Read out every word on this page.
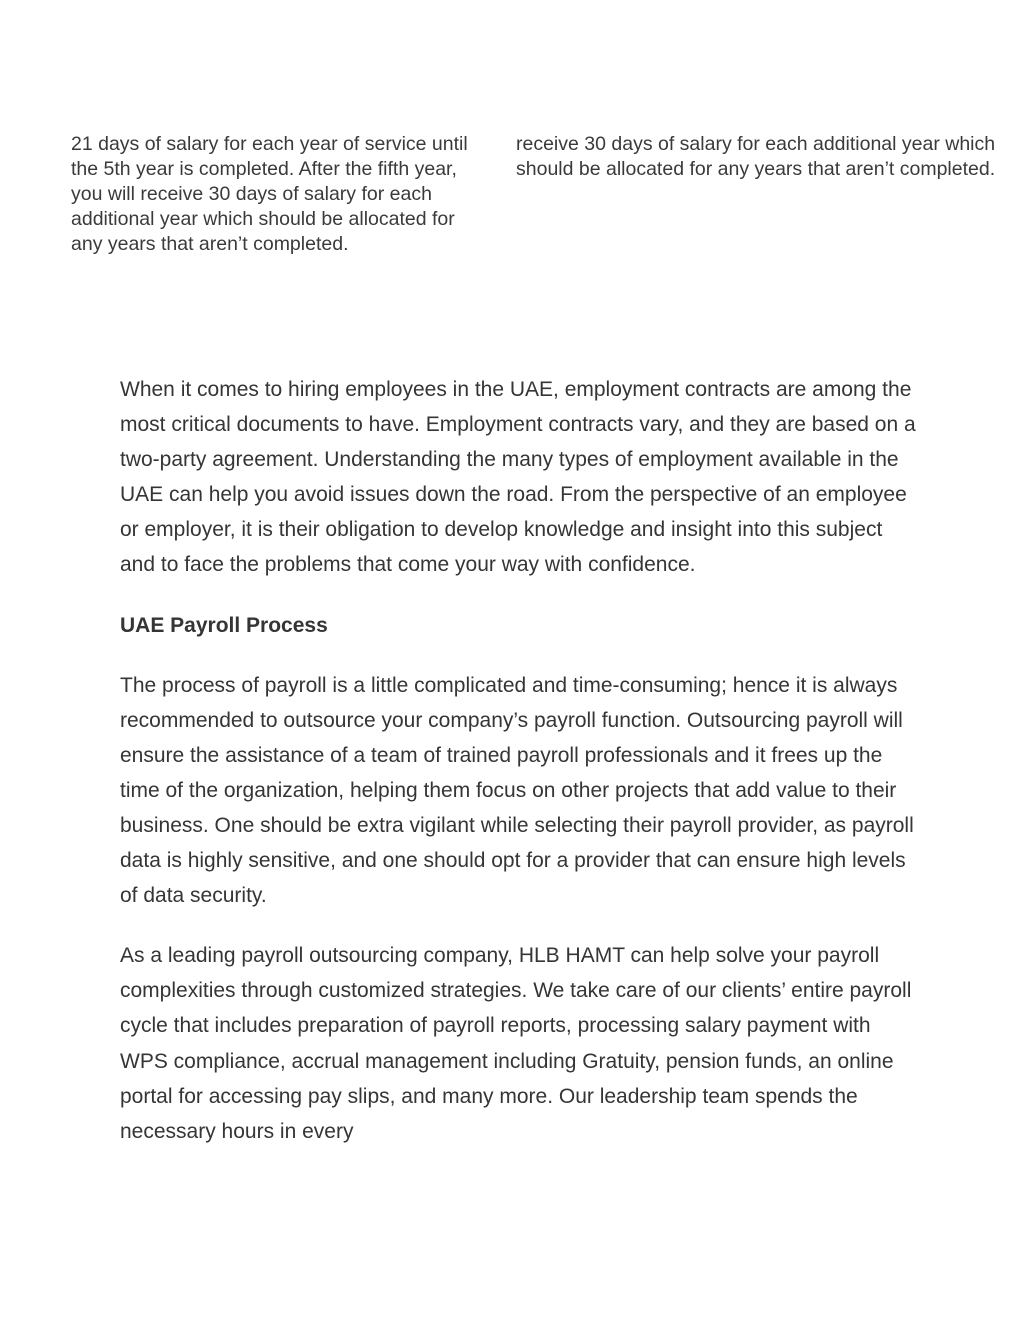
21 days of salary for each year of service until the 5th year is completed. After the fifth year, you will receive 30 days of salary for each additional year which should be allocated for any years that aren’t completed.

receive 30 days of salary for each additional year which
should be allocated for any years that aren’t completed.

When it comes to hiring employees in the UAE, employment contracts are among the most critical documents to have. Employment contracts vary, and they are based on a two-party agreement. Understanding the many types of employment available in the UAE can help you avoid issues down the road. From the perspective of an employee or employer, it is their obligation to develop knowledge and insight into this subject and to face the problems that come your way with confidence.

UAE Payroll Process

The process of payroll is a little complicated and time-consuming; hence it is always recommended to outsource your company’s payroll function. Outsourcing payroll will ensure the assistance of a team of trained payroll professionals and it frees up the time of the organization, helping them focus on other projects that add value to their business. One should be extra vigilant while selecting their payroll provider, as payroll data is highly sensitive, and one should opt for a provider that can ensure high levels of data security.

As a leading payroll outsourcing company, HLB HAMT can help solve your payroll complexities through customized strategies. We take care of our clients’ entire payroll cycle that includes preparation of payroll reports, processing salary payment with WPS compliance, accrual management including Gratuity, pension funds, an online portal for accessing pay slips, and many more. Our leadership team spends the necessary hours in every
